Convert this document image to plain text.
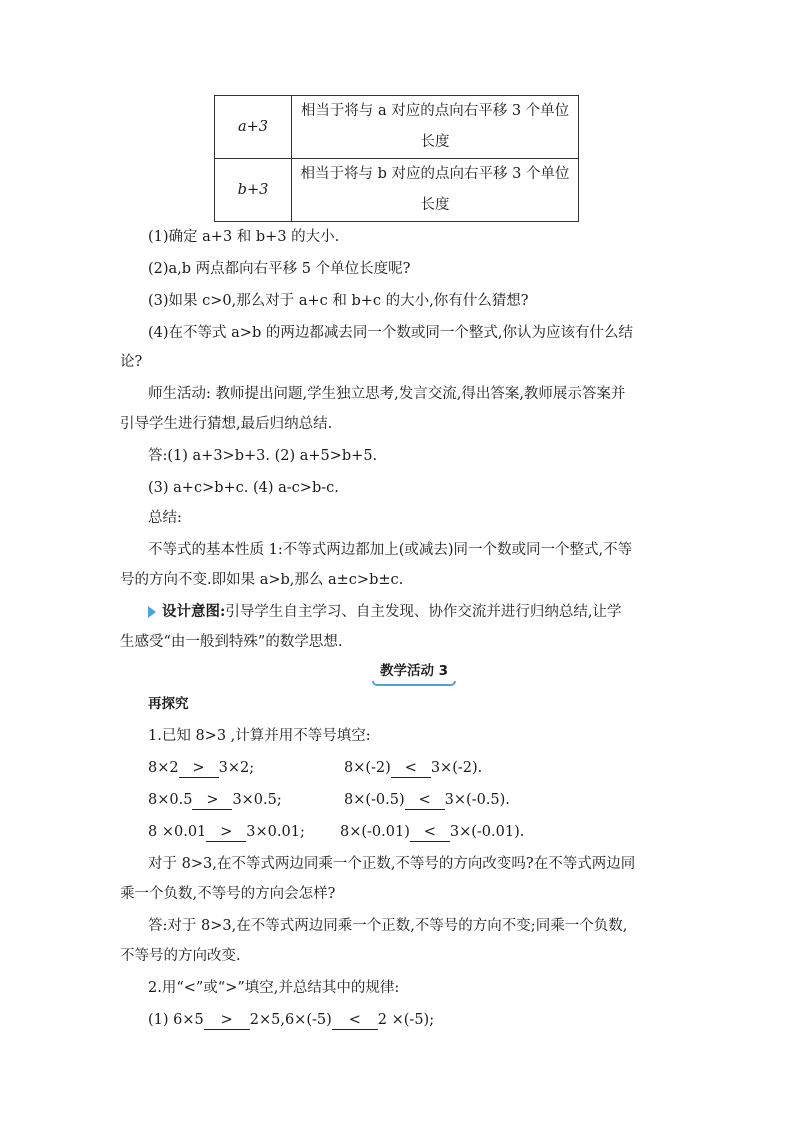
a+3	相当于将与 a 对应的点向右平移 3 个单位
长度

b+3	相当于将与 b 对应的点向右平移 3 个单位
长度
(1)确定 a+3 和 b+3 的大小.
(2)a,b 两点都向右平移 5 个单位长度呢?
(3)如果 c>0,那么对于 a+c 和 b+c 的大小,你有什么猜想?
(4)在不等式 a>b 的两边都减去同一个数或同一个整式,你认为应该有什么结
论?
师生活动: 教师提出问题,学生独立思考,发言交流,得出答案,教师展示答案并
引导学生进行猜想,最后归纳总结.
答:(1) a+3>b+3. (2) a+5>b+5.
(3) a+c>b+c. (4) a-c>b-c.
总结:
不等式的基本性质 1:不等式两边都加上(或减去)同一个数或同一个整式,不等
号的方向不变.即如果 a>b,那么 a±c>b±c.
设计意图:引导学生自主学习、自主发现、协作交流并进行归纳总结,让学
生感受“由一般到特殊”的数学思想.
教学活动 3
再探究
1.已知 8>3 ,计算并用不等号填空:
8×2 > 3×2;	8×(-2) < 3×(-2).
8×0.5 > 3×0.5;	8×(-0.5) < 3×(-0.5).
8 ×0.01 > 3×0.01; 8×(-0.01) < 3×(-0.01).
对于 8>3,在不等式两边同乘一个正数,不等号的方向改变吗?在不等式两边同
乘一个负数,不等号的方向会怎样?
答:对于 8>3,在不等式两边同乘一个正数,不等号的方向不变;同乘一个负数,
不等号的方向改变.
2.用“<”或“>”填空,并总结其中的规律:
(1) 6×5 > 2×5,6×(-5) < 2 ×(-5);
